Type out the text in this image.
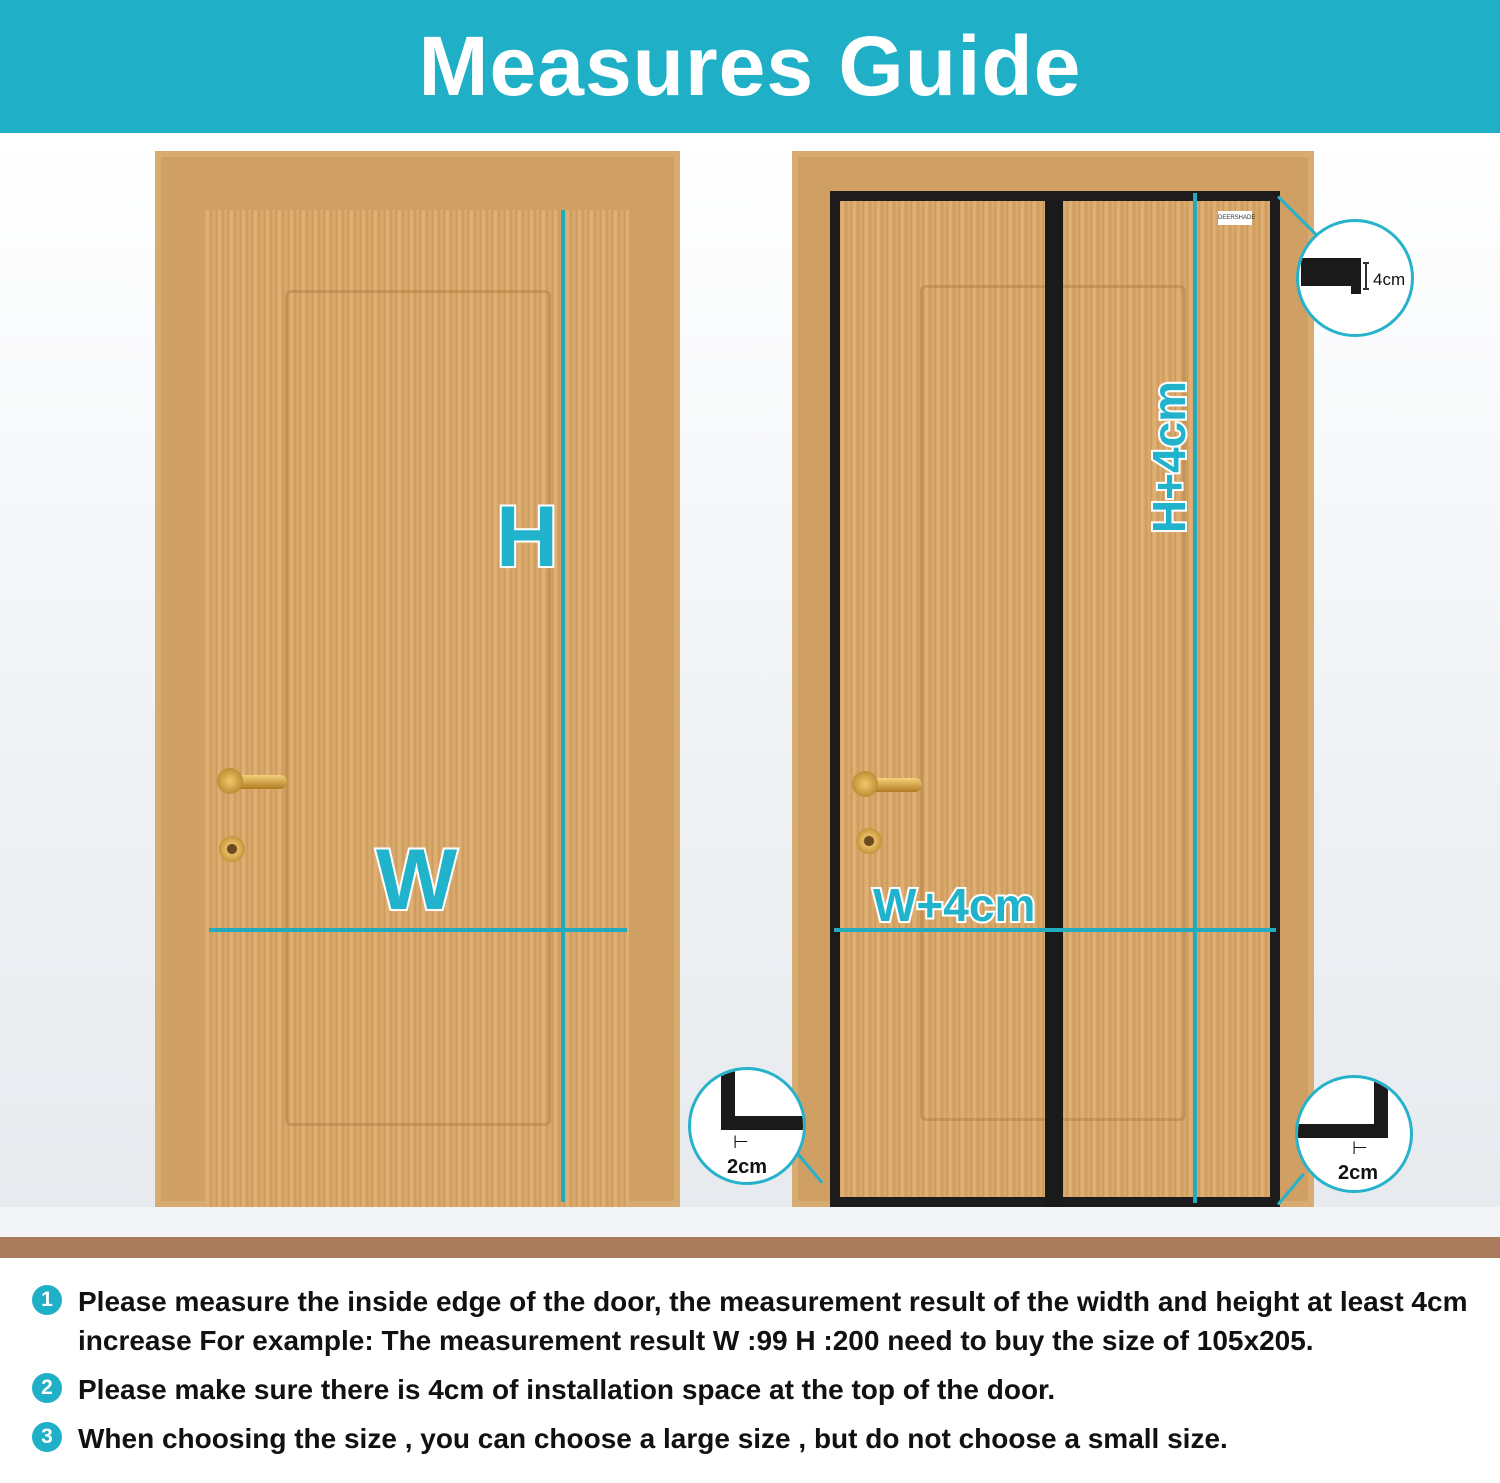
Measures Guide
H
W
DEERSHADE
H+4cm
W+4cm
4cm
⊢
2cm
⊢
2cm
1 Please measure the inside edge of the door, the measurement result of the width and height at least 4cm increase For example: The measurement result W :99 H :200 need to buy the size of 105x205.
2 Please make sure there is 4cm of installation space at the top of the door.
3 When choosing the size , you can choose a large size , but do not choose a small size.
